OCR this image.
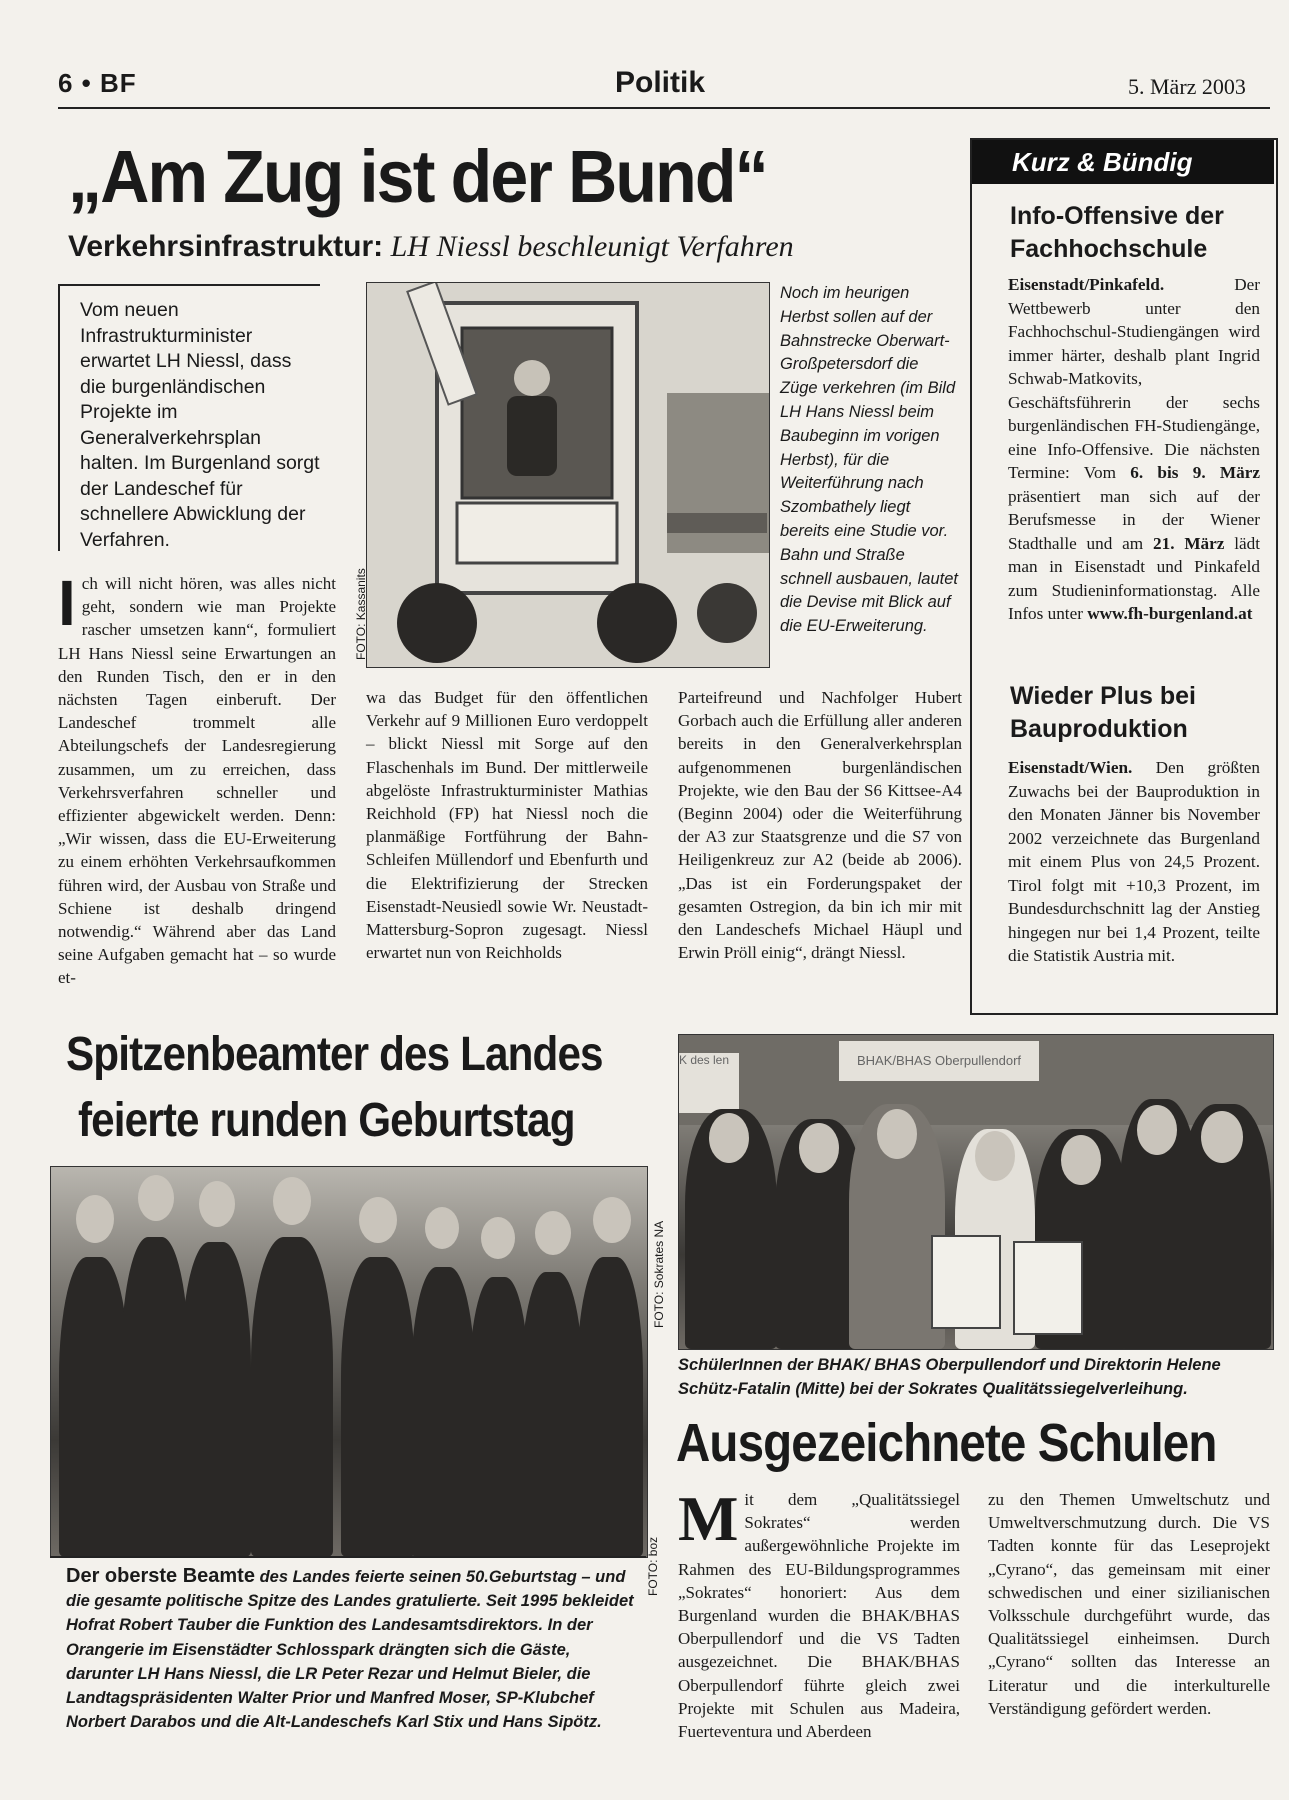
6 • BF	Politik	5. März 2003
„Am Zug ist der Bund“
Verkehrsinfrastruktur: LH Niessl beschleunigt Verfahren
Vom neuen Infrastrukturminister erwartet LH Niessl, dass die burgenländischen Projekte im Generalverkehrsplan halten. Im Burgenland sorgt der Landeschef für schnellere Abwicklung der Verfahren.
Ich will nicht hören, was alles nicht geht, sondern wie man Projekte rascher umsetzen kann“, formuliert LH Hans Niessl seine Erwartungen an den Runden Tisch, den er in den nächsten Tagen einberuft. Der Landeschef trommelt alle Abteilungschefs der Landesregierung zusammen, um zu erreichen, dass Verkehrsverfahren schneller und effizienter abgewickelt werden. Denn: „Wir wissen, dass die EU-Erweiterung zu einem erhöhten Verkehrsaufkommen führen wird, der Ausbau von Straße und Schiene ist deshalb dringend notwendig.“ Während aber das Land seine Aufgaben gemacht hat – so wurde et-
wa das Budget für den öffentlichen Verkehr auf 9 Millionen Euro verdoppelt – blickt Niessl mit Sorge auf den Flaschenhals im Bund. Der mittlerweile abgelöste Infrastrukturminister Mathias Reichhold (FP) hat Niessl noch die planmäßige Fortführung der Bahn-Schleifen Müllendorf und Ebenfurth und die Elektrifizierung der Strecken Eisenstadt-Neusiedl sowie Wr. Neustadt-Mattersburg-Sopron zugesagt. Niessl erwartet nun von Reichholds
Parteifreund und Nachfolger Hubert Gorbach auch die Erfüllung aller anderen bereits in den Generalverkehrsplan aufgenommenen burgenländischen Projekte, wie den Bau der S6 Kittsee-A4 (Beginn 2004) oder die Weiterführung der A3 zur Staatsgrenze und die S7 von Heiligenkreuz zur A2 (beide ab 2006). „Das ist ein Forderungspaket der gesamten Ostregion, da bin ich mir mit den Landeschefs Michael Häupl und Erwin Pröll einig“, drängt Niessl.
FOTO: Kassanits
Noch im heurigen Herbst sollen auf der Bahnstrecke Oberwart-Großpetersdorf die Züge verkehren (im Bild LH Hans Niessl beim Baubeginn im vorigen Herbst), für die Weiterführung nach Szombathely liegt bereits eine Studie vor. Bahn und Straße schnell ausbauen, lautet die Devise mit Blick auf die EU-Erweiterung.
Kurz & Bündig
Info-Offensive der Fachhochschule
Eisenstadt/Pinkafeld.	Der Wettbewerb unter den Fachhochschul-Studiengängen wird immer härter, deshalb plant Ingrid Schwab-Matkovits, Geschäftsführerin der sechs burgenländischen FH-Studiengänge, eine Info-Offensive. Die nächsten Termine: Vom 6. bis 9. März präsentiert man sich auf der Berufsmesse in der Wiener Stadthalle und am 21. März lädt man in Eisenstadt und Pinkafeld zum Studieninformationstag. Alle Infos unter www.fh-burgenland.at
Wieder Plus bei Bauproduktion
Eisenstadt/Wien. Den größten Zuwachs bei der Bauproduktion in den Monaten Jänner bis November 2002 verzeichnete das Burgenland mit einem Plus von 24,5 Prozent. Tirol folgt mit +10,3 Prozent, im Bundesdurchschnitt lag der Anstieg hingegen nur bei 1,4 Prozent, teilte die Statistik Austria mit.
Spitzenbeamter des Landes
feierte runden Geburtstag
Der oberste Beamte des Landes feierte seinen 50.Geburtstag – und die gesamte politische Spitze des Landes gratulierte. Seit 1995 bekleidet Hofrat Robert Tauber die Funktion des Landesamtsdirektors. In der Orangerie im Eisenstädter Schlosspark drängten sich die Gäste, darunter LH Hans Niessl, die LR Peter Rezar und Helmut Bieler, die Landtagspräsidenten Walter Prior und Manfred Moser, SP-Klubchef Norbert Darabos und die Alt-Landeschefs Karl Stix und Hans Sipötz.
FOTO: Sokrates NA
K des len	BHAK/BHAS Oberpullendorf
SchülerInnen der BHAK/ BHAS Oberpullendorf und Direktorin Helene Schütz-Fatalin (Mitte) bei der Sokrates Qualitätssiegelverleihung.
Ausgezeichnete Schulen
FOTO: boz
Mit dem „Qualitätssiegel Sokrates“ werden außergewöhnliche Projekte im Rahmen des EU-Bildungsprogrammes „Sokrates“ honoriert: Aus dem Burgenland wurden die BHAK/BHAS Oberpullendorf und die VS Tadten ausgezeichnet. Die BHAK/BHAS Oberpullendorf führte gleich zwei Projekte mit Schulen aus Madeira, Fuerteventura und Aberdeen
zu den Themen Umweltschutz und Umweltverschmutzung durch. Die VS Tadten konnte für das Leseprojekt „Cyrano“, das gemeinsam mit einer schwedischen und einer sizilianischen Volksschule durchgeführt wurde, das Qualitätssiegel einheimsen. Durch „Cyrano“ sollten das Interesse an Literatur und die interkulturelle Verständigung gefördert werden.
